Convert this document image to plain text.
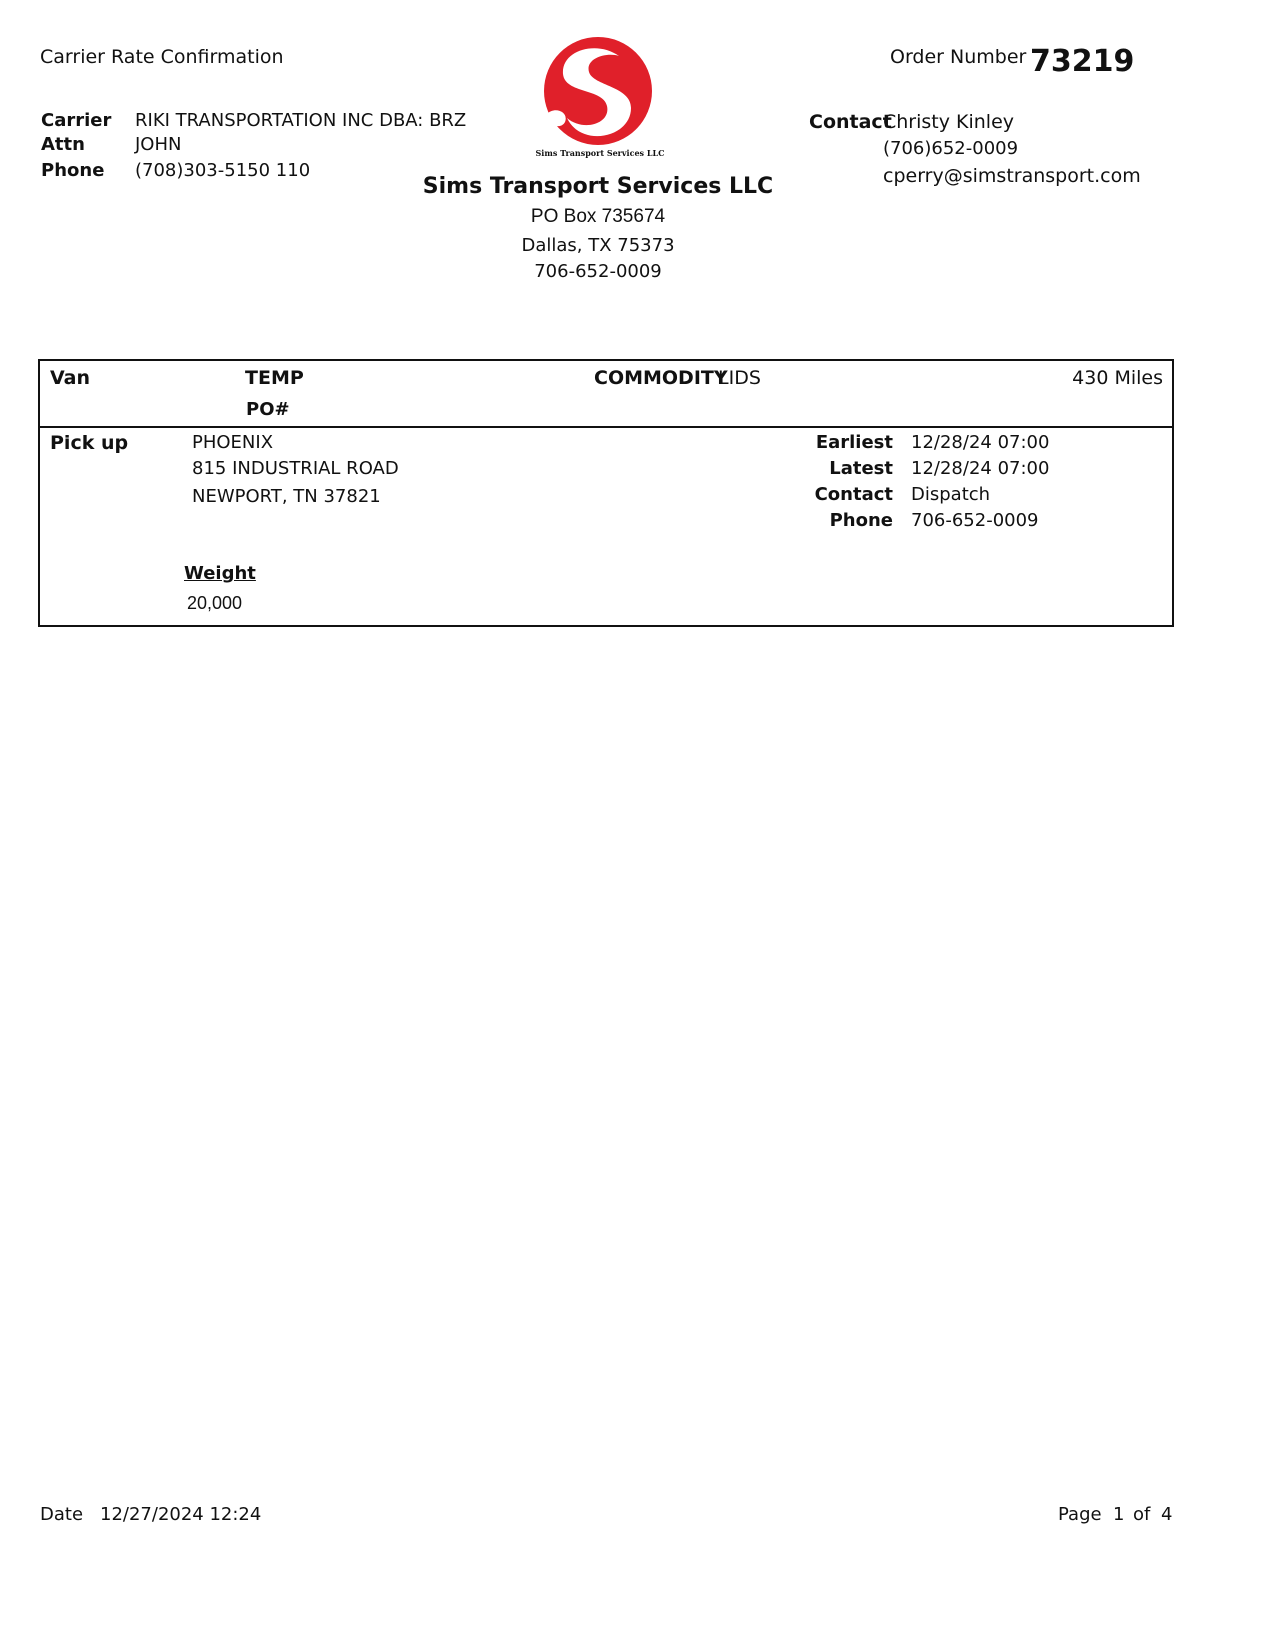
Carrier Rate Confirmation
Carrier RIKI TRANSPORTATION INC DBA: BRZ
Attn	JOHN
Phone (708)303-5150 110
Sims Transport Services LLC
Sims Transport Services LLC
PO Box 735674
Dallas, TX 75373
706-652-0009
Order Number 73219
Contact
Christy Kinley
(706)652-0009
cperry@simstransport.com
Van	TEMP
PO#
COMMODITY
LIDS	430 Miles
Pick up	PHOENIX
815 INDUSTRIAL ROAD
NEWPORT, TN 37821
Earliest 12/28/24 07:00
Latest 12/28/24 07:00
Contact Dispatch
Phone 706-652-0009
Weight
20,000
Date 12/27/2024 12:24	Page 1 of 4
